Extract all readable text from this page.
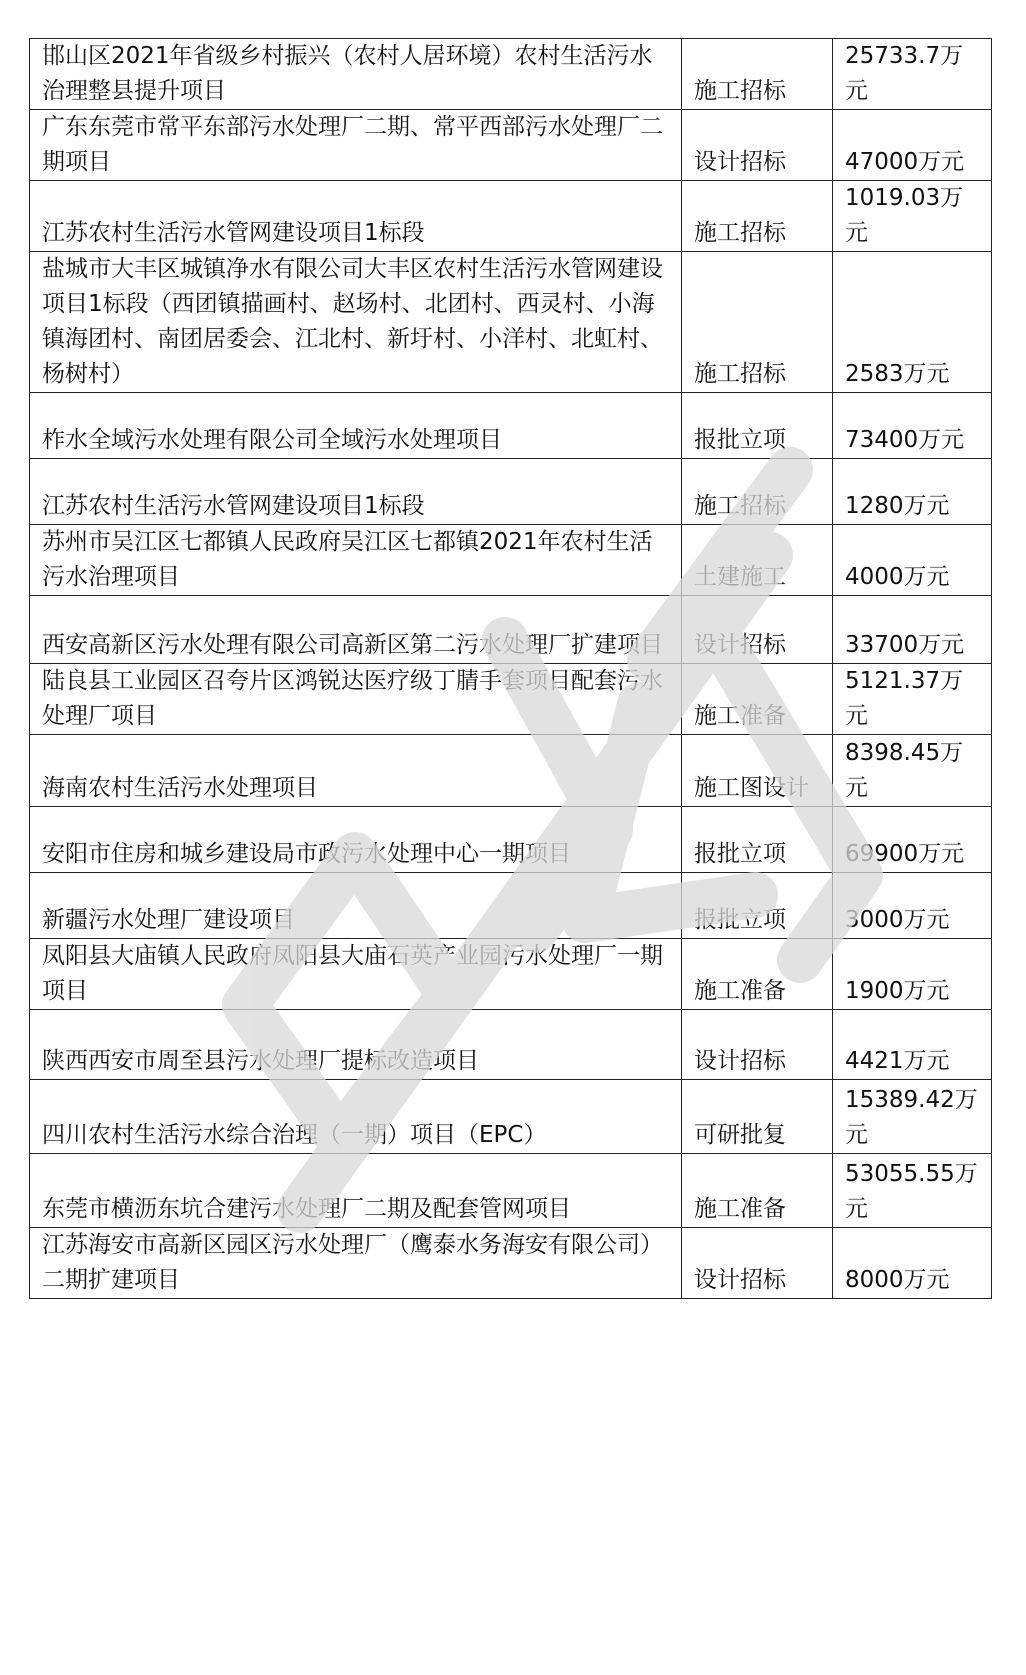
邯山区2021年省级乡村振兴（农村人居环境）农村生活污水治理整县提升项目	施工招标	25733.7万元
广东东莞市常平东部污水处理厂二期、常平西部污水处理厂二期项目	设计招标	47000万元
江苏农村生活污水管网建设项目1标段	施工招标	1019.03万元
盐城市大丰区城镇净水有限公司大丰区农村生活污水管网建设项目1标段（西团镇描画村、赵场村、北团村、西灵村、小海镇海团村、南团居委会、江北村、新圩村、小洋村、北虹村、杨树村）	施工招标	2583万元
柞水全域污水处理有限公司全域污水处理项目	报批立项	73400万元
江苏农村生活污水管网建设项目1标段	施工招标	1280万元
苏州市吴江区七都镇人民政府吴江区七都镇2021年农村生活污水治理项目	土建施工	4000万元
西安高新区污水处理有限公司高新区第二污水处理厂扩建项目	设计招标	33700万元
陆良县工业园区召夸片区鸿锐达医疗级丁腈手套项目配套污水处理厂项目	施工准备	5121.37万元
海南农村生活污水处理项目	施工图设计	8398.45万元
安阳市住房和城乡建设局市政污水处理中心一期项目	报批立项	69900万元
新疆污水处理厂建设项目	报批立项	3000万元
凤阳县大庙镇人民政府凤阳县大庙石英产业园污水处理厂一期项目	施工准备	1900万元
陕西西安市周至县污水处理厂提标改造项目	设计招标	4421万元
四川农村生活污水综合治理（一期）项目（EPC）	可研批复	15389.42万元
东莞市横沥东坑合建污水处理厂二期及配套管网项目	施工准备	53055.55万元
江苏海安市高新区园区污水处理厂（鹰泰水务海安有限公司）二期扩建项目	设计招标	8000万元
